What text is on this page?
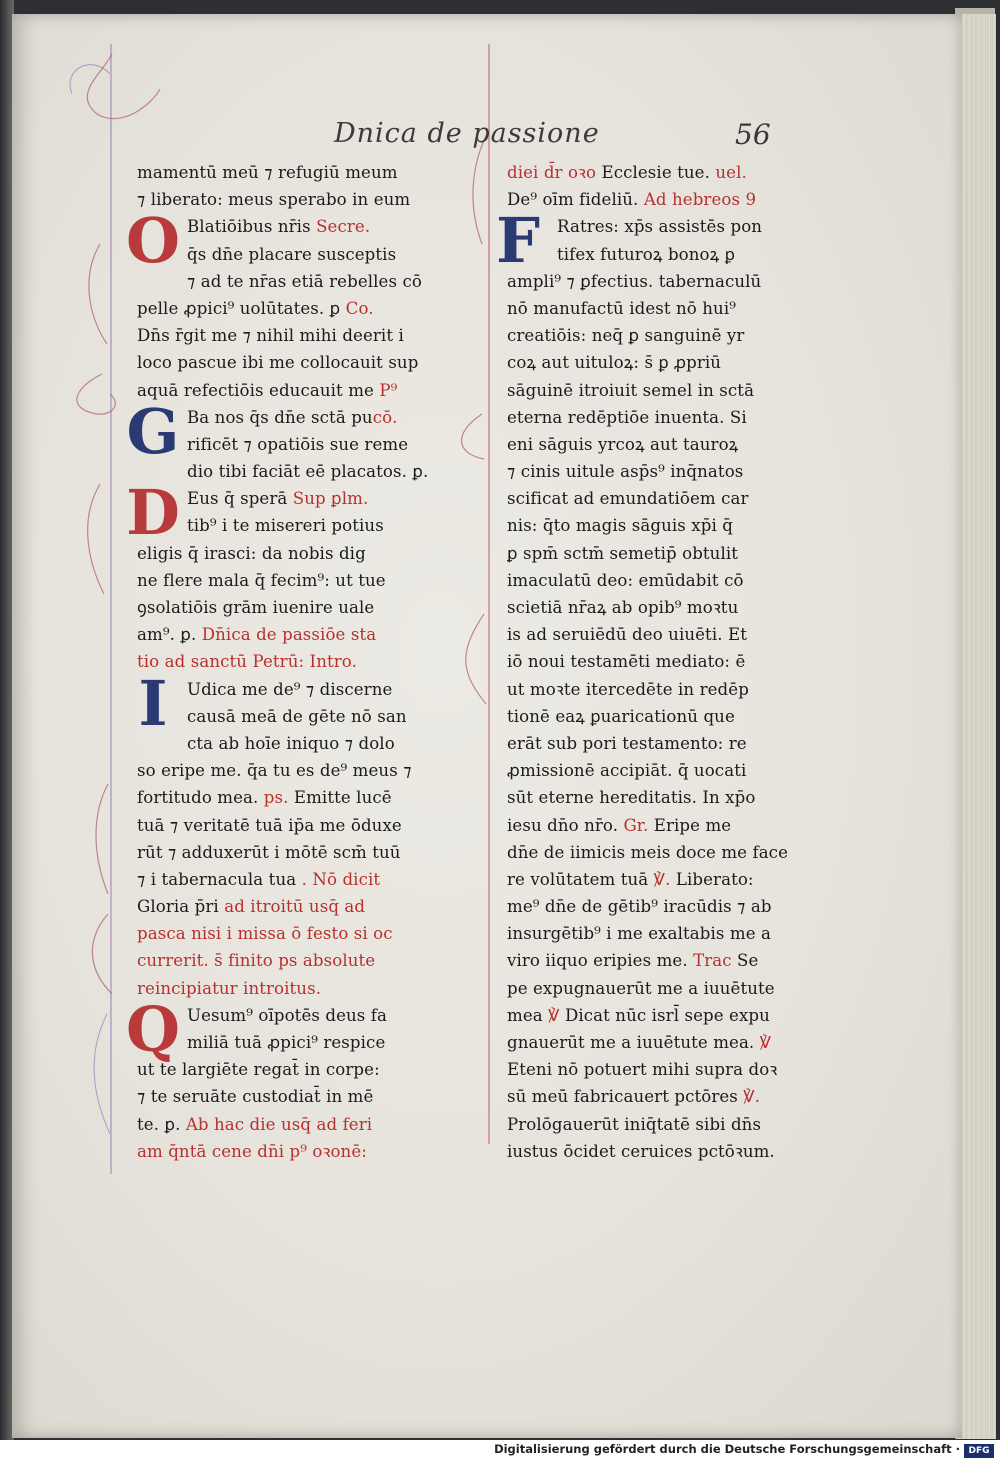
Dnica de passione	56
mamentū meū ⁊ refugiū meum
⁊ liberato: meus sperabo in eum
Blatiōibus nr̄is Secre.
q̄s dn̄e placare susceptis
⁊ ad te nr̄as etiā rebelles cō
pelle ꝓpici⁹ uolūtates. ꝑ Co.
Dn̄s r̄git me ⁊ nihil mihi deerit i
loco pascue ibi me collocauit sup
aquā refectiōis educauit me P⁹
Ba nos q̄s dn̄e sctā pucō.
rificēt ⁊ opatiōis sue reme
dio tibi faciāt eē placatos. ꝑ.
Eus q̄ sperā Sup ꝑlm.
tib⁹ i te misereri potius
eligis q̄ irasci: da nobis dig
ne flere mala q̄ fecim⁹: ut tue
ꝯsolatiōis grām iuenire uale
am⁹. ꝑ. Dn̄ica de passiōe sta
tio ad sanctū Petrū: Intro.
Udica me de⁹ ⁊ discerne
causā meā de gēte nō san
cta ab hoīe iniquo ⁊ dolo
so eripe me. q̄a tu es de⁹ meus ⁊
fortitudo mea. ps. Emitte lucē
tuā ⁊ veritatē tuā ip̄a me ōduxe
rūt ⁊ adduxerūt i mōtē scm̄ tuū
⁊ i tabernacula tua . Nō dicit
Gloria p̄ri ad itroitū usq̄ ad
pasca nisi i missa ō festo si oc
currerit. s̄ finito ps absolute
reincipiatur introitus.
Uesum⁹ oīpotēs deus fa
miliā tuā ꝓpici⁹ respice
ut te largiēte regat̄ in corpe:
⁊ te seruāte custodiat̄ in mē
te. ꝑ. Ab hac die usq̄ ad feri
am q̄ntā cene dn̄i p⁹ oꝛonē:
diei d̄r oꝛo Ecclesie tue. uel.
De⁹ oīm fideliū. Ad hebreos 9
Ratres: xp̄s assistēs pon
tifex futuroꝝ bonoꝝ ꝑ
ampli⁹ ⁊ ꝑfectius. tabernaculū
nō manufactū idest nō hui⁹
creatiōis: neq̄ ꝑ sanguinē yr
coꝝ aut uituloꝝ: s̄ ꝑ ꝓpriū
sāguinē itroiuit semel in sctā
eterna redēptiōe inuenta. Si
eni sāguis yrcoꝝ aut tauroꝝ
⁊ cinis uitule asp̄s⁹ inq̄natos
scificat ad emundatiōem car
nis: q̄to magis sāguis xp̄i q̄
ꝑ spm̄ sctm̄ semetip̄ obtulit
imaculatū deo: emūdabit cō
scietiā nr̄aꝝ ab opib⁹ moꝛtu
is ad seruiēdū deo uiuēti. Et
iō noui testamēti mediato: ē
ut moꝛte itercedēte in redēp
tionē eaꝝ ꝑuaricationū que
erāt sub pori testamento: re
ꝓmissionē accipiāt. q̄ uocati
sūt eterne hereditatis. In xp̄o
iesu dn̄o nr̄o. Gr. Eripe me
dn̄e de iimicis meis doce me face
re volūtatem tuā ℣. Liberato:
me⁹ dn̄e de gētib⁹ iracūdis ⁊ ab
insurgētib⁹ i me exaltabis me a
viro iiquo eripies me. Trac Se
pe expugnauerūt me a iuuētute
mea ℣ Dicat nūc isrl̄ sepe expu
gnauerūt me a iuuētute mea. ℣
Eteni nō potuert mihi supra doꝛ
sū meū fabricauert pctōres ℣.
Prolōgauerūt iniq̄tatē sibi dn̄s
iustus ōcidet ceruices pctōꝛum.
O
G
D
I
Q
F
Digitalisierung gefördert durch die Deutsche Forschungsgemeinschaft · DFG
